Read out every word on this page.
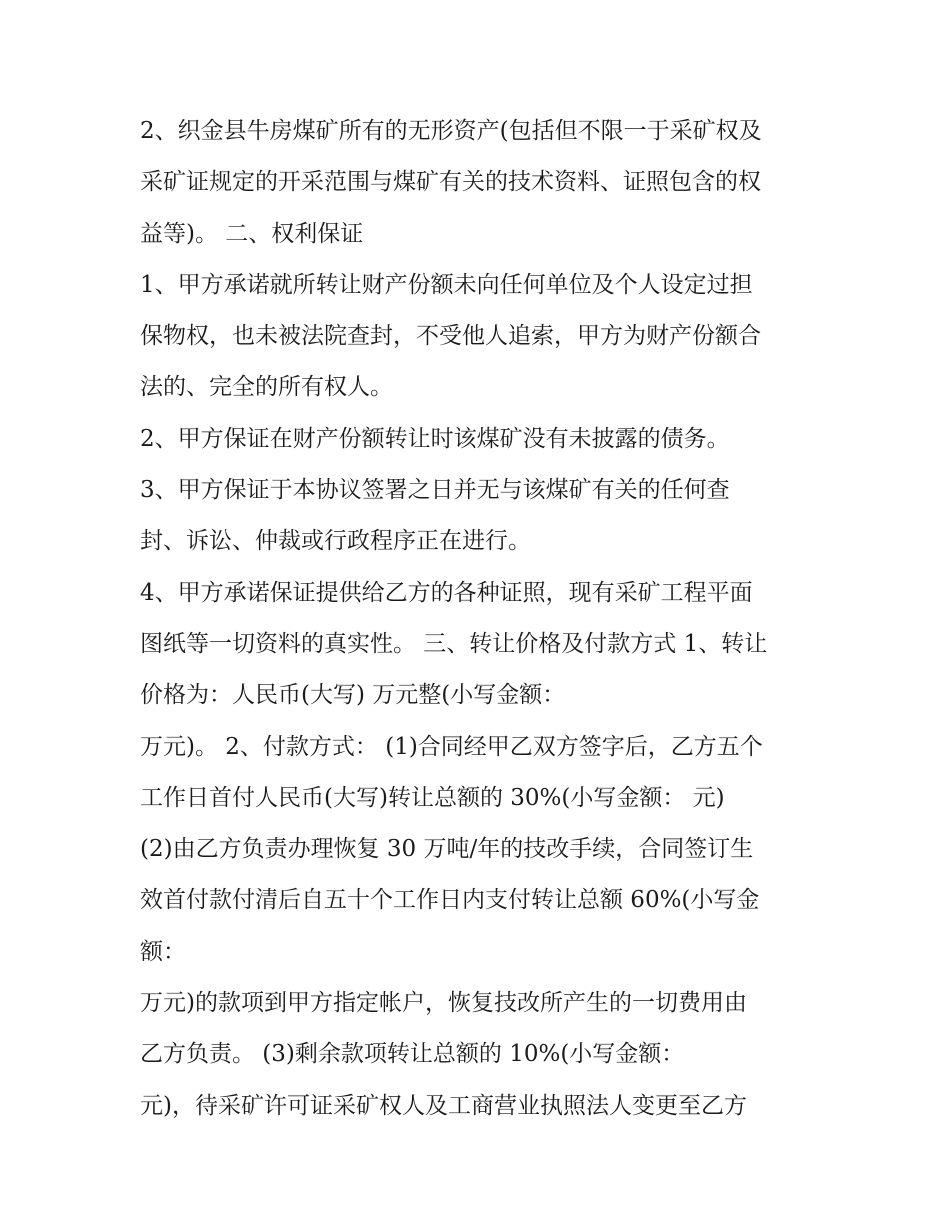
2、织金县牛房煤矿所有的无形资产(包括但不限一于采矿权及
采矿证规定的开采范围与煤矿有关的技术资料、证照包含的权
益等)。 二、权利保证
1、甲方承诺就所转让财产份额未向任何单位及个人设定过担
保物权，也未被法院查封，不受他人追索，甲方为财产份额合
法的、完全的所有权人。
2、甲方保证在财产份额转让时该煤矿没有未披露的债务。
3、甲方保证于本协议签署之日并无与该煤矿有关的任何查
封、诉讼、仲裁或行政程序正在进行。
4、甲方承诺保证提供给乙方的各种证照，现有采矿工程平面
图纸等一切资料的真实性。 三、转让价格及付款方式 1、转让
价格为：人民币(大写) 万元整(小写金额：
万元)。 2、付款方式： (1)合同经甲乙双方签字后，乙方五个
工作日首付人民币(大写)转让总额的 30%(小写金额： 元)
(2)由乙方负责办理恢复 30 万吨/年的技改手续，合同签订生
效首付款付清后自五十个工作日内支付转让总额 60%(小写金
额：
万元)的款项到甲方指定帐户，恢复技改所产生的一切费用由
乙方负责。 (3)剩余款项转让总额的 10%(小写金额：
元)，待采矿许可证采矿权人及工商营业执照法人变更至乙方
